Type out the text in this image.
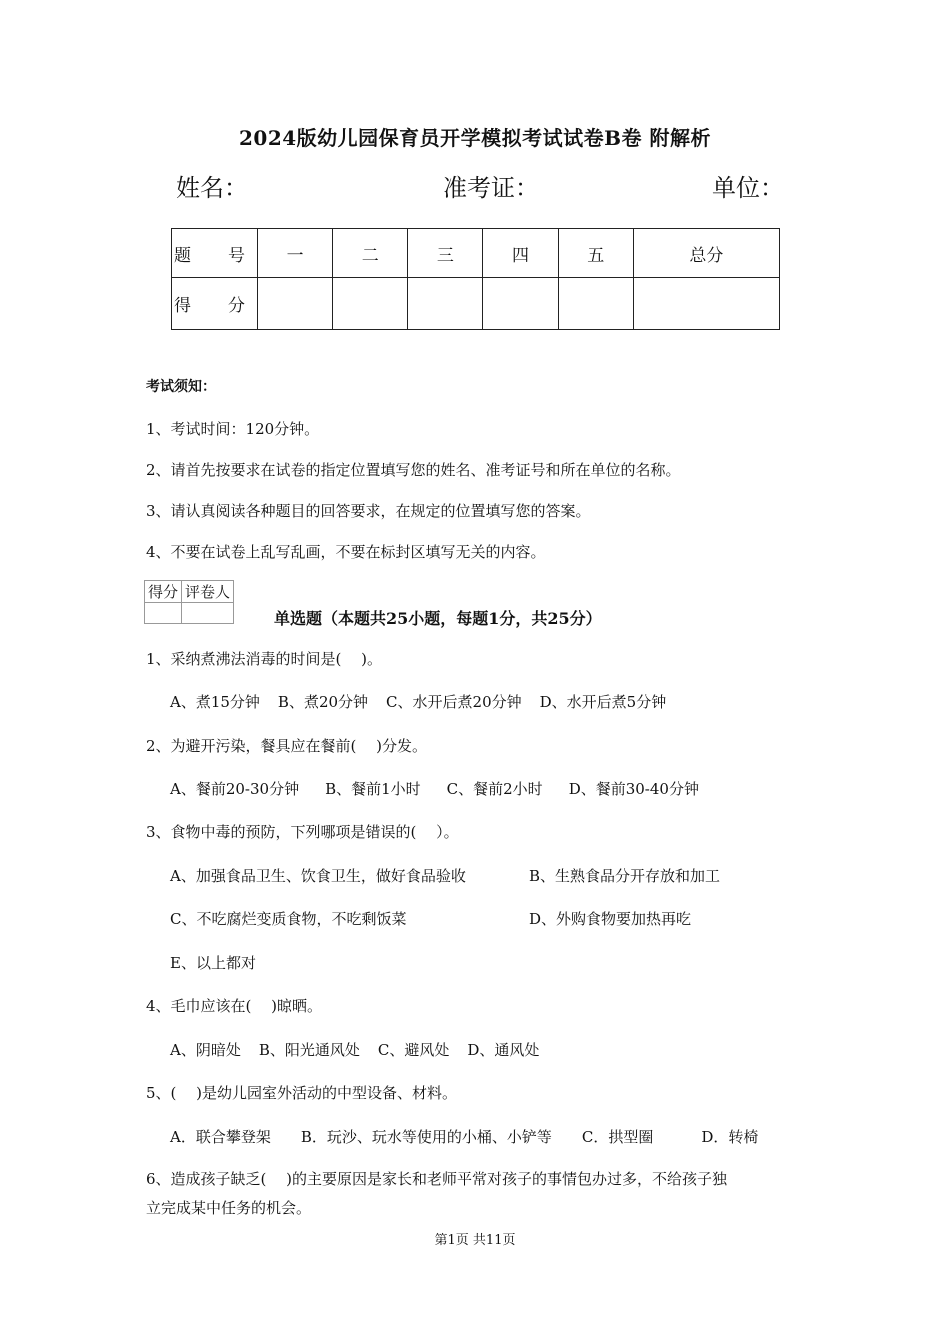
2024版幼儿园保育员开学模拟考试试卷B卷 附解析
姓名：	准考证：	单位：
题　号	一	二	三	四	五	总分
得　分						
考试须知：
1、考试时间：120分钟。
2、请首先按要求在试卷的指定位置填写您的姓名、准考证号和所在单位的名称。
3、请认真阅读各种题目的回答要求，在规定的位置填写您的答案。
4、不要在试卷上乱写乱画，不要在标封区填写无关的内容。
得分	评卷人

单选题（本题共25小题，每题1分，共25分）
1、采纳煮沸法消毒的时间是(　 )。
A、煮15分钟 B、煮20分钟 C、水开后煮20分钟 D、水开后煮5分钟
2、为避开污染，餐具应在餐前(　 )分发。
A、餐前20-30分钟 B、餐前1小时 C、餐前2小时 D、餐前30-40分钟
3、食物中毒的预防，下列哪项是错误的(　 ）。
A、加强食品卫生、饮食卫生，做好食品验收	B、生熟食品分开存放和加工
C、不吃腐烂变质食物，不吃剩饭菜	D、外购食物要加热再吃
E、以上都对
4、毛巾应该在(　 )晾晒。
A、阴暗处 B、阳光通风处 C、避风处 D、通风处
5、(　 )是幼儿园室外活动的中型设备、材料。
A．联合攀登架 B．玩沙、玩水等使用的小桶、小铲等 C．拱型圈	D．转椅
6、造成孩子缺乏(　 )的主要原因是家长和老师平常对孩子的事情包办过多，不给孩子独
立完成某中任务的机会。
第1页 共11页
